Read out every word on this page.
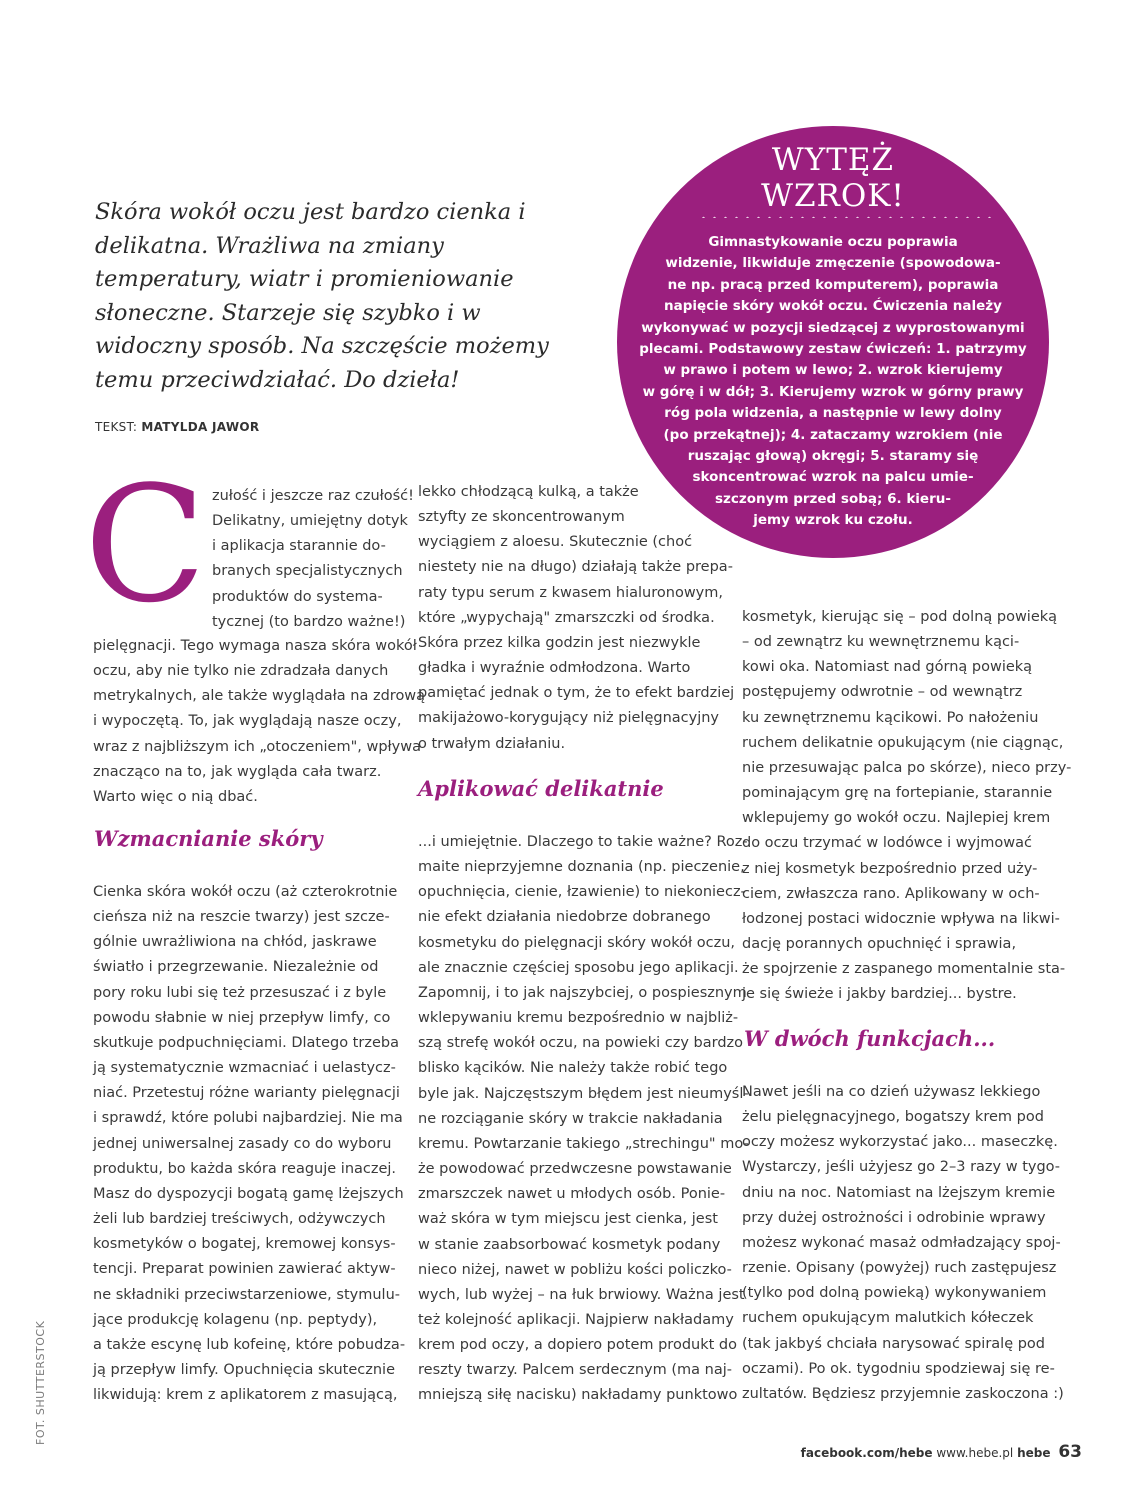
Skóra wokół oczu jest bardzo cienka i delikatna. Wrażliwa na zmiany temperatury, wiatr i promieniowanie słoneczne. Starzeje się szybko i w widoczny sposób. Na szczęście możemy temu przeciwdziałać. Do dzieła!
TEKST: MATYLDA JAWOR
WYTĘŻ
WZROK!
Gimnastykowanie oczu poprawia
widzenie, likwiduje zmęczenie (spowodowa-
ne np. pracą przed komputerem), poprawia
napięcie skóry wokół oczu. Ćwiczenia należy
wykonywać w pozycji siedzącej z wyprostowanymi
plecami. Podstawowy zestaw ćwiczeń: 1. patrzymy
w prawo i potem w lewo; 2. wzrok kierujemy
w górę i w dół; 3. Kierujemy wzrok w górny prawy
róg pola widzenia, a następnie w lewy dolny
(po przekątnej); 4. zataczamy wzrokiem (nie
ruszając głową) okręgi; 5. staramy się
skoncentrować wzrok na palcu umie-
szczonym przed sobą; 6. kieru-
jemy wzrok ku czołu.
C zułość i jeszcze raz czułość!
Delikatny, umiejętny dotyk
i aplikacja starannie do-
branych specjalistycznych
produktów do systema-
tycznej (to bardzo ważne!)
pielęgnacji. Tego wymaga nasza skóra wokół
oczu, aby nie tylko nie zdradzała danych
metrykalnych, ale także wyglądała na zdrową
i wypoczętą. To, jak wyglądają nasze oczy,
wraz z najbliższym ich „otoczeniem", wpływa
znacząco na to, jak wygląda cała twarz.
Warto więc o nią dbać.
Wzmacnianie skóry
Cienka skóra wokół oczu (aż czterokrotnie
cieńsza niż na reszcie twarzy) jest szcze-
gólnie uwrażliwiona na chłód, jaskrawe
światło i przegrzewanie. Niezależnie od
pory roku lubi się też przesuszać i z byle
powodu słabnie w niej przepływ limfy, co
skutkuje podpuchnięciami. Dlatego trzeba
ją systematycznie wzmacniać i uelastycz-
niać. Przetestuj różne warianty pielęgnacji
i sprawdź, które polubi najbardziej. Nie ma
jednej uniwersalnej zasady co do wyboru
produktu, bo każda skóra reaguje inaczej.
Masz do dyspozycji bogatą gamę lżejszych
żeli lub bardziej treściwych, odżywczych
kosmetyków o bogatej, kremowej konsys-
tencji. Preparat powinien zawierać aktyw-
ne składniki przeciwstarzeniowe, stymulu-
jące produkcję kolagenu (np. peptydy),
a także escynę lub kofeinę, które pobudza-
ją przepływ limfy. Opuchnięcia skutecznie
likwidują: krem z aplikatorem z masującą,
lekko chłodzącą kulką, a także
sztyfty ze skoncentrowanym
wyciągiem z aloesu. Skutecznie (choć
niestety nie na długo) działają także prepa-
raty typu serum z kwasem hialuronowym,
które „wypychają" zmarszczki od środka.
Skóra przez kilka godzin jest niezwykle
gładka i wyraźnie odmłodzona. Warto
pamiętać jednak o tym, że to efekt bardziej
makijażowo-korygujący niż pielęgnacyjny
o trwałym działaniu.
Aplikować delikatnie
...i umiejętnie. Dlaczego to takie ważne? Roz-
maite nieprzyjemne doznania (np. pieczenie,
opuchnięcia, cienie, łzawienie) to niekoniecz-
nie efekt działania niedobrze dobranego
kosmetyku do pielęgnacji skóry wokół oczu,
ale znacznie częściej sposobu jego aplikacji.
Zapomnij, i to jak najszybciej, o pospiesznym
wklepywaniu kremu bezpośrednio w najbliż-
szą strefę wokół oczu, na powieki czy bardzo
blisko kącików. Nie należy także robić tego
byle jak. Najczęstszym błędem jest nieumyśl-
ne rozciąganie skóry w trakcie nakładania
kremu. Powtarzanie takiego „strechingu" mo-
że powodować przedwczesne powstawanie
zmarszczek nawet u młodych osób. Ponie-
waż skóra w tym miejscu jest cienka, jest
w stanie zaabsorbować kosmetyk podany
nieco niżej, nawet w pobliżu kości policzko-
wych, lub wyżej – na łuk brwiowy. Ważna jest
też kolejność aplikacji. Najpierw nakładamy
krem pod oczy, a dopiero potem produkt do
reszty twarzy. Palcem serdecznym (ma naj-
mniejszą siłę nacisku) nakładamy punktowo
kosmetyk, kierując się – pod dolną powieką
– od zewnątrz ku wewnętrznemu kąci-
kowi oka. Natomiast nad górną powieką
postępujemy odwrotnie – od wewnątrz
ku zewnętrznemu kącikowi. Po nałożeniu
ruchem delikatnie opukującym (nie ciągnąc,
nie przesuwając palca po skórze), nieco przy-
pominającym grę na fortepianie, starannie
wklepujemy go wokół oczu. Najlepiej krem
do oczu trzymać w lodówce i wyjmować
z niej kosmetyk bezpośrednio przed uży-
ciem, zwłaszcza rano. Aplikowany w och-
łodzonej postaci widocznie wpływa na likwi-
dację porannych opuchnięć i sprawia,
że spojrzenie z zaspanego momentalnie sta-
je się świeże i jakby bardziej... bystre.
W dwóch funkcjach...
Nawet jeśli na co dzień używasz lekkiego
żelu pielęgnacyjnego, bogatszy krem pod
oczy możesz wykorzystać jako... maseczkę.
Wystarczy, jeśli użyjesz go 2–3 razy w tygo-
dniu na noc. Natomiast na lżejszym kremie
przy dużej ostrożności i odrobinie wprawy
możesz wykonać masaż odmładzający spoj-
rzenie. Opisany (powyżej) ruch zastępujesz
(tylko pod dolną powieką) wykonywaniem
ruchem opukującym malutkich kółeczek
(tak jakbyś chciała narysować spiralę pod
oczami). Po ok. tygodniu spodziewaj się re-
zultatów. Będziesz przyjemnie zaskoczona :)
FOT. SHUTTERSTOCK
facebook.com/hebe www.hebe.pl hebe 63
